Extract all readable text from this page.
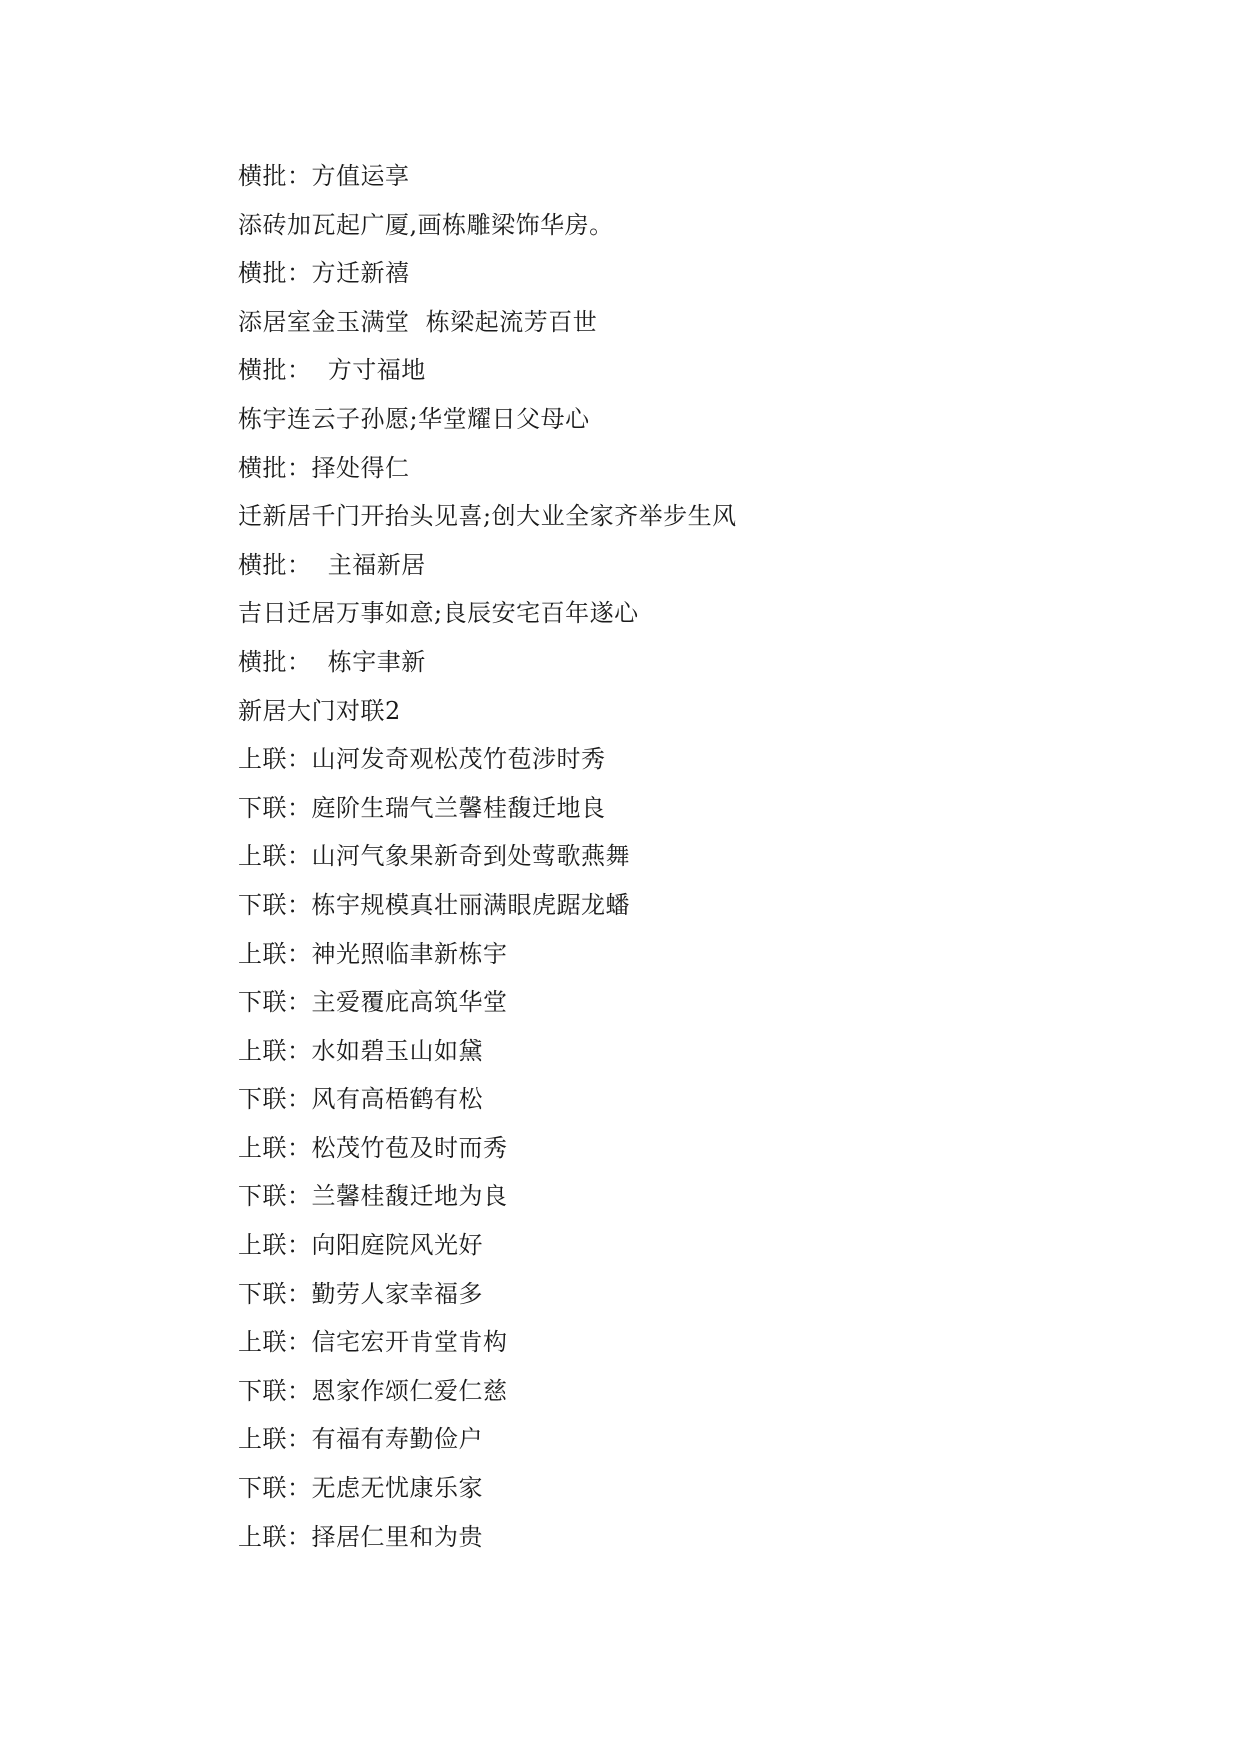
横批：方值运享
添砖加瓦起广厦,画栋雕梁饰华房。
横批：方迁新禧
添居室金玉满堂  栋梁起流芳百世
横批：  方寸福地
栋宇连云子孙愿;华堂耀日父母心
横批：择处得仁
迁新居千门开抬头见喜;创大业全家齐举步生风
横批：  主福新居
吉日迁居万事如意;良辰安宅百年遂心
横批：  栋宇聿新
新居大门对联2
上联：山河发奇观松茂竹苞涉时秀
下联：庭阶生瑞气兰馨桂馥迁地良
上联：山河气象果新奇到处莺歌燕舞
下联：栋宇规模真壮丽满眼虎踞龙蟠
上联：神光照临聿新栋宇
下联：主爱覆庇高筑华堂
上联：水如碧玉山如黛
下联：风有高梧鹤有松
上联：松茂竹苞及时而秀
下联：兰馨桂馥迁地为良
上联：向阳庭院风光好
下联：勤劳人家幸福多
上联：信宅宏开肯堂肯构
下联：恩家作颂仁爱仁慈
上联：有福有寿勤俭户
下联：无虑无忧康乐家
上联：择居仁里和为贵
